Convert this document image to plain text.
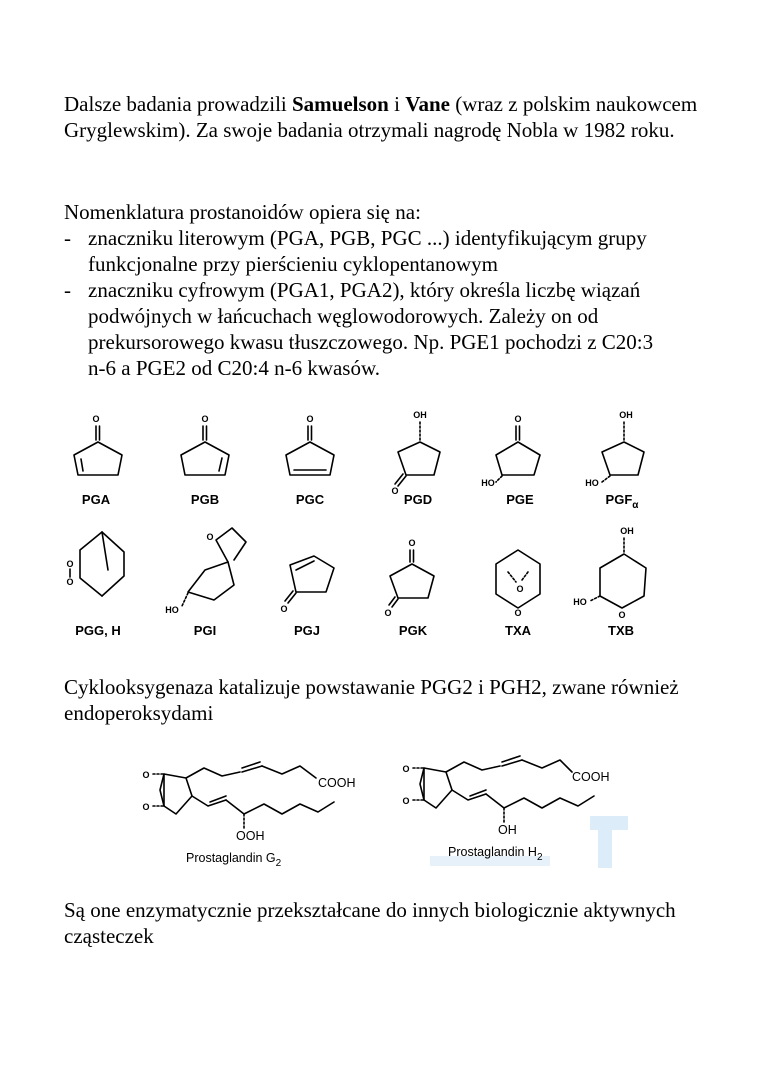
Dalsze badania prowadzili Samuelson i Vane (wraz z polskim naukowcem Gryglewskim). Za swoje badania otrzymali nagrodę Nobla w 1982 roku.

Nomenklatura prostanoidów opiera się na:

- znaczniku literowym (PGA, PGB, PGC ...) identyfikującym grupy
funkcjonalne przy pierścieniu cyklopentanowym
- znaczniku cyfrowym (PGA1, PGA2), który określa liczbę wiązań
podwójnych w łańcuchach węglowodorowych. Zależy on od
prekursorowego kwasu tłuszczowego. Np. PGE1 pochodzi z C20:3
n-6 a PGE2 od C20:4 n-6 kwasów.
O
PGA
O
PGB
O
PGC
OH
O
PGD
O
HO
PGE
OH
HO
$PGF_\alpha$
O
O
PGG, H
O
HO
PGI
O
PGJ
O
O
PGK
O
O
TXA
OH
HO
O
TXB

Cyklooksygenaza katalizuje powstawanie PGG2 i PGH2, zwane również endoperoksydami

O
O
COOH
OOH
Prostaglandin $G_2$
O
O
COOH
OH
Prostaglandin $H_2$

Są one enzymatycznie przekształcane do innych biologicznie aktywnych cząsteczek
